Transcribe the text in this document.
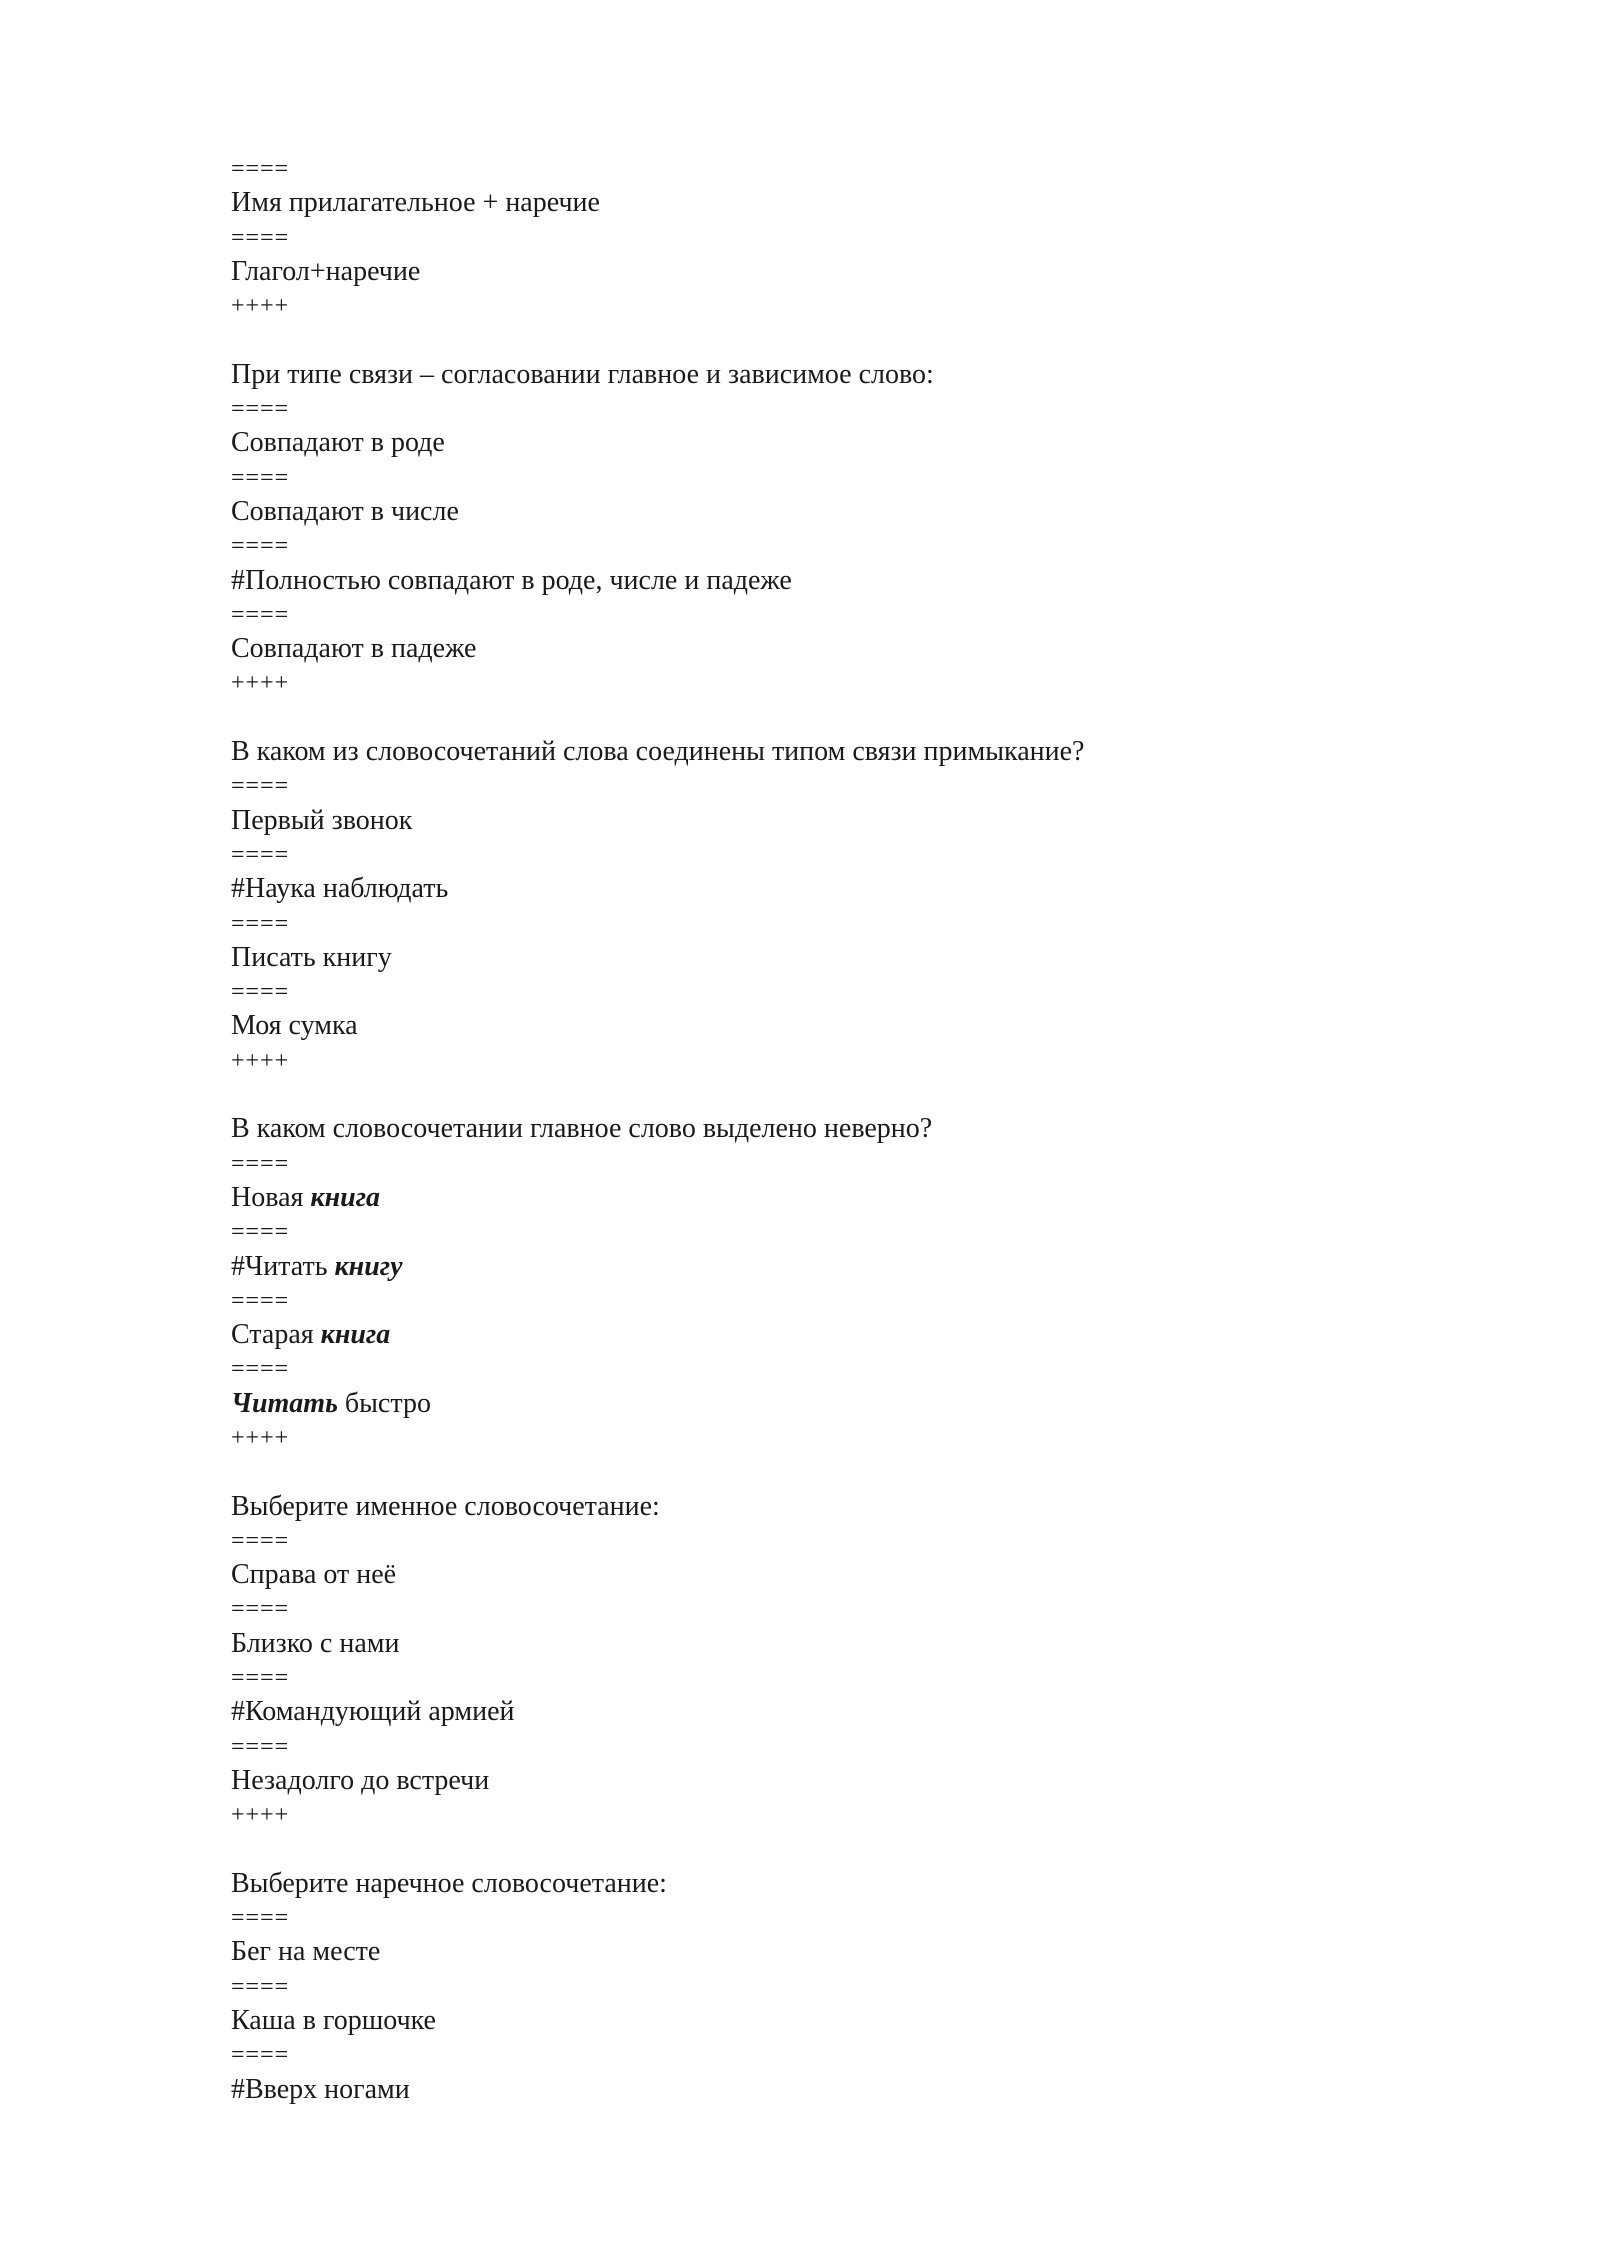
====
Имя прилагательное + наречие
====
Глагол+наречие
++++
При типе связи – согласовании главное и зависимое слово:
====
Совпадают в роде
====
Совпадают в числе
====
#Полностью совпадают в роде, числе и падеже
====
Совпадают в падеже
++++
В каком из словосочетаний слова соединены типом связи примыкание?
====
Первый звонок
====
#Наука наблюдать
====
Писать книгу
====
Моя сумка
++++
В каком словосочетании главное слово выделено неверно?
====
Новая книга
====
#Читать книгу
====
Старая книга
====
Читать быстро
++++
Выберите именное словосочетание:
====
Справа от неё
====
Близко с нами
====
#Командующий армией
====
Незадолго до встречи
++++
Выберите наречное словосочетание:
====
Бег на месте
====
Каша в горшочке
====
#Вверх ногами
